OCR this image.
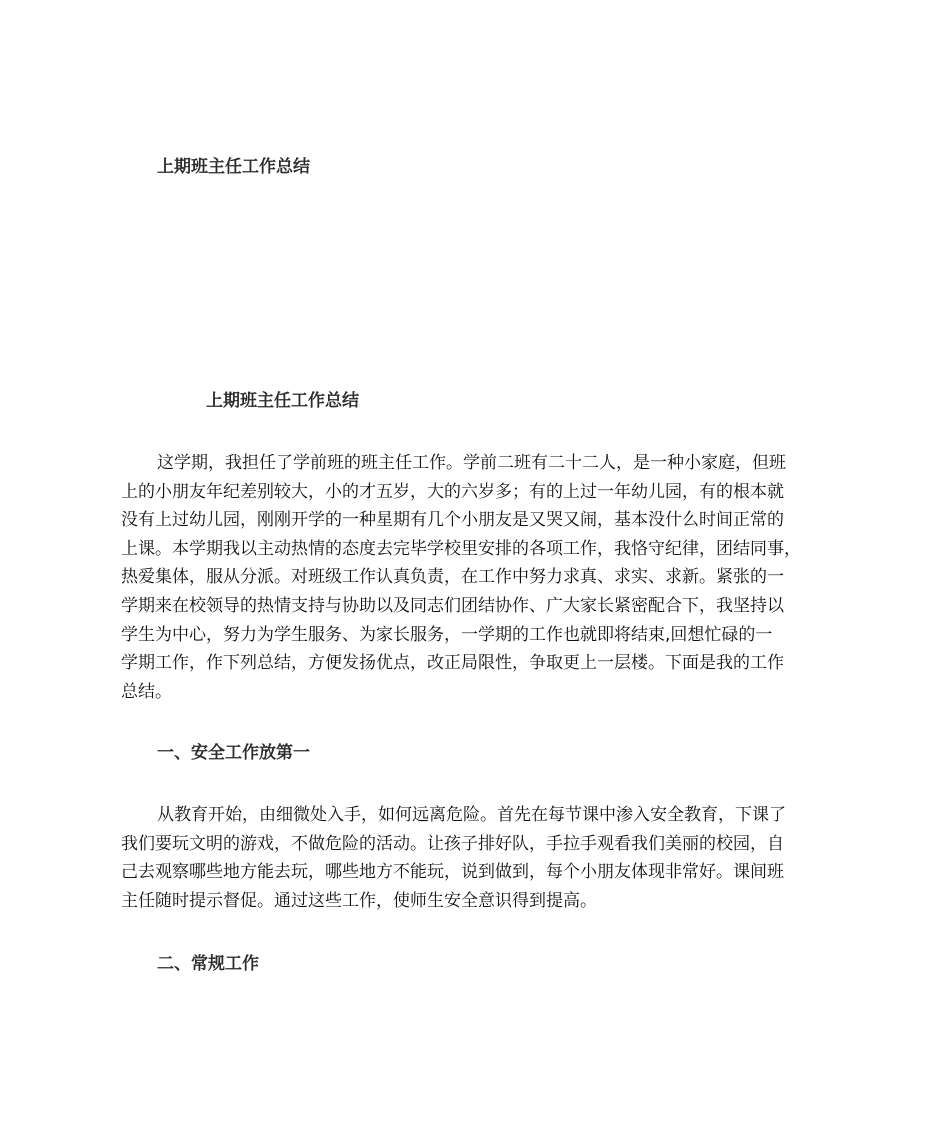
上期班主任工作总结
上期班主任工作总结
这学期，我担任了学前班的班主任工作。学前二班有二十二人，是一种小家庭，但班
上的小朋友年纪差别较大，小的才五岁，大的六岁多；有的上过一年幼儿园，有的根本就
没有上过幼儿园，刚刚开学的一种星期有几个小朋友是又哭又闹，基本没什么时间正常的
上课。本学期我以主动热情的态度去完毕学校里安排的各项工作，我恪守纪律，团结同事，
热爱集体，服从分派。对班级工作认真负责，在工作中努力求真、求实、求新。紧张的一
学期来在校领导的热情支持与协助以及同志们团结协作、广大家长紧密配合下，我坚持以
学生为中心，努力为学生服务、为家长服务，一学期的工作也就即将结束,回想忙碌的一
学期工作，作下列总结，方便发扬优点，改正局限性，争取更上一层楼。下面是我的工作
总结。
一、安全工作放第一
从教育开始，由细微处入手，如何远离危险。首先在每节课中渗入安全教育，下课了
我们要玩文明的游戏，不做危险的活动。让孩子排好队，手拉手观看我们美丽的校园，自
己去观察哪些地方能去玩，哪些地方不能玩，说到做到，每个小朋友体现非常好。课间班
主任随时提示督促。通过这些工作，使师生安全意识得到提高。
二、常规工作
